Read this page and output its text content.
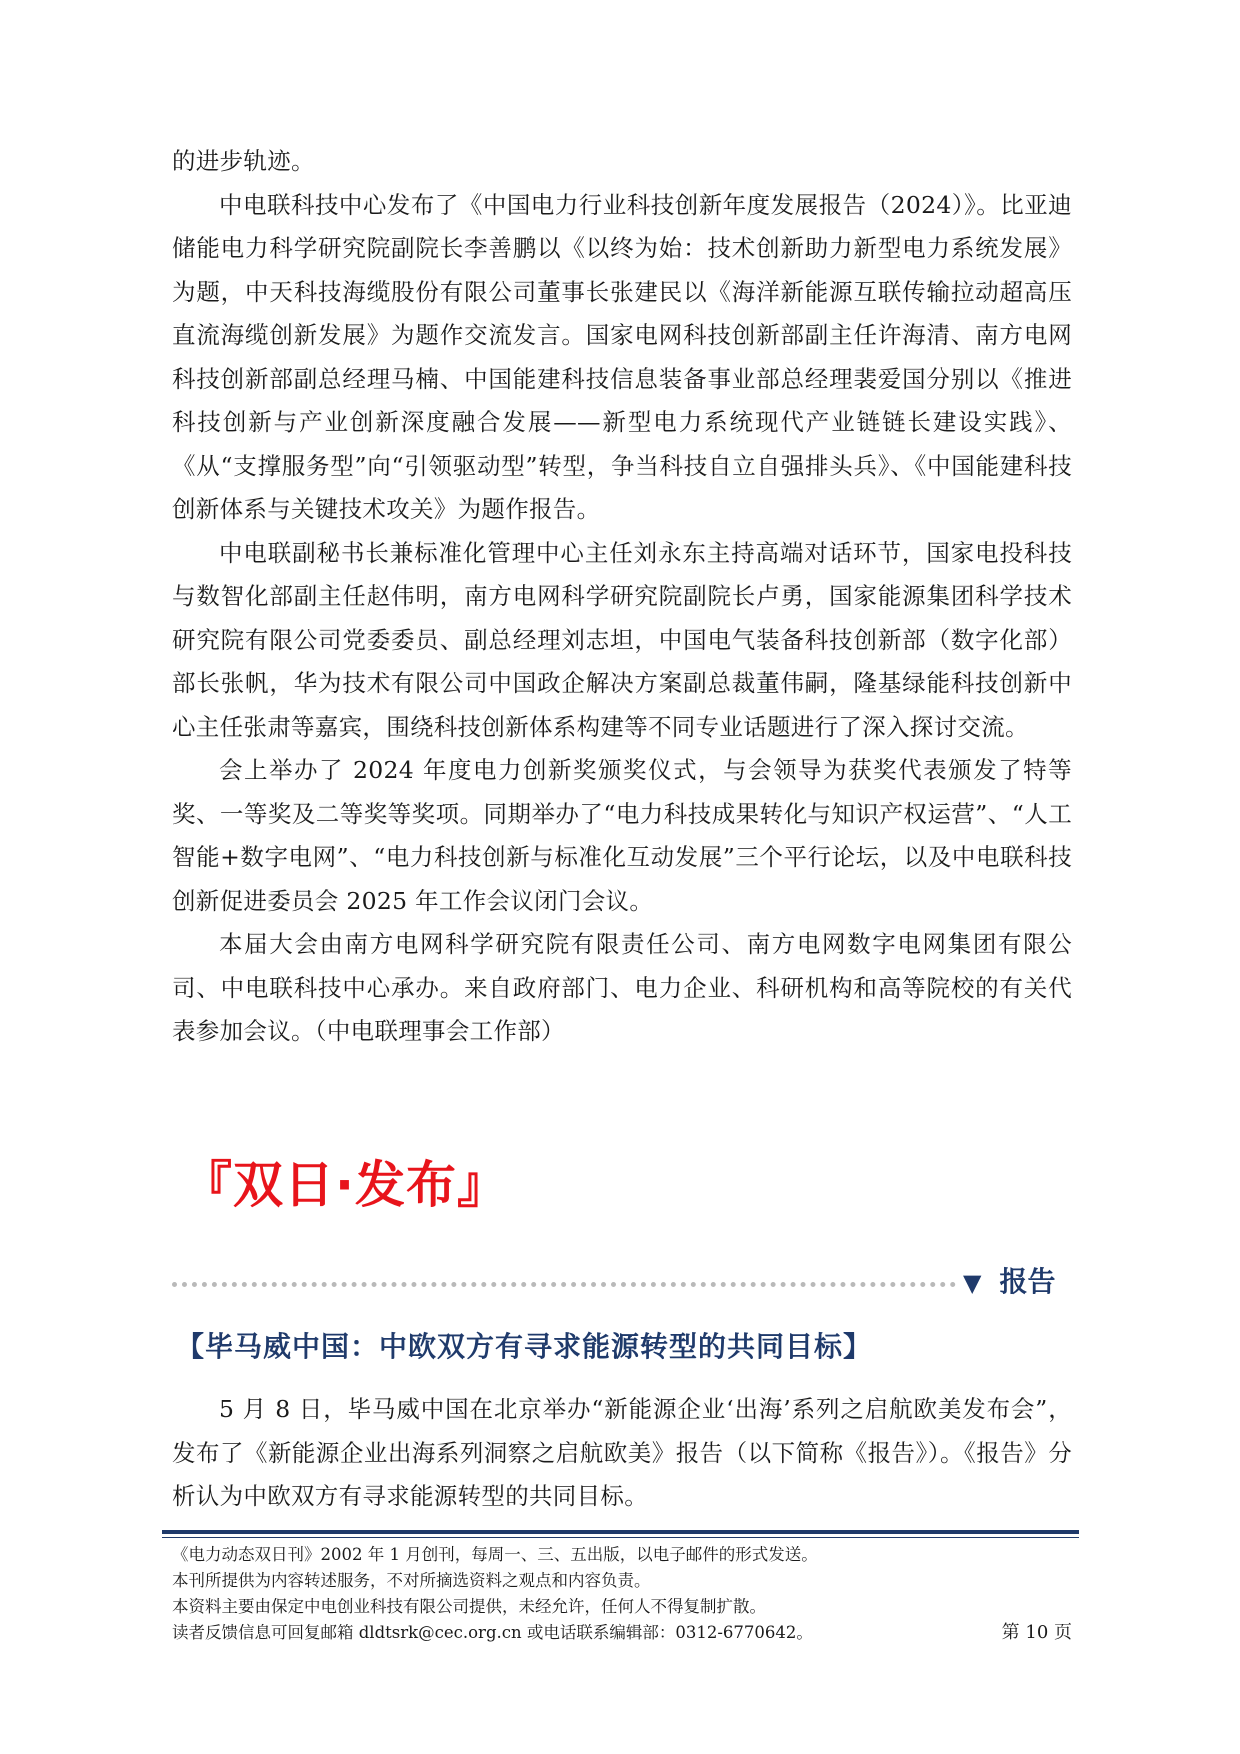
的进步轨迹。

中电联科技中心发布了《中国电力行业科技创新年度发展报告（2024）》。比亚迪储能电力科学研究院副院长李善鹏以《以终为始：技术创新助力新型电力系统发展》为题，中天科技海缆股份有限公司董事长张建民以《海洋新能源互联传输拉动超高压直流海缆创新发展》为题作交流发言。国家电网科技创新部副主任许海清、南方电网科技创新部副总经理马楠、中国能建科技信息装备事业部总经理裴爱国分别以《推进科技创新与产业创新深度融合发展——新型电力系统现代产业链链长建设实践》、《从“支撑服务型”向“引领驱动型”转型，争当科技自立自强排头兵》、《中国能建科技创新体系与关键技术攻关》为题作报告。

中电联副秘书长兼标准化管理中心主任刘永东主持高端对话环节，国家电投科技与数智化部副主任赵伟明，南方电网科学研究院副院长卢勇，国家能源集团科学技术研究院有限公司党委委员、副总经理刘志坦，中国电气装备科技创新部（数字化部）部长张帆，华为技术有限公司中国政企解决方案副总裁董伟嗣，隆基绿能科技创新中心主任张肃等嘉宾，围绕科技创新体系构建等不同专业话题进行了深入探讨交流。

会上举办了 2024 年度电力创新奖颁奖仪式，与会领导为获奖代表颁发了特等奖、一等奖及二等奖等奖项。同期举办了“电力科技成果转化与知识产权运营”、“人工智能+数字电网”、“电力科技创新与标准化互动发展”三个平行论坛，以及中电联科技创新促进委员会 2025 年工作会议闭门会议。

本届大会由南方电网科学研究院有限责任公司、南方电网数字电网集团有限公司、中电联科技中心承办。来自政府部门、电力企业、科研机构和高等院校的有关代表参加会议。（中电联理事会工作部）

『双日·发布』
▼ 报告
【毕马威中国：中欧双方有寻求能源转型的共同目标】

5 月 8 日，毕马威中国在北京举办“新能源企业‘出海’系列之启航欧美发布会”，发布了《新能源企业出海系列洞察之启航欧美》报告（以下简称《报告》）。《报告》分析认为中欧双方有寻求能源转型的共同目标。

《电力动态双日刊》2002 年 1 月创刊，每周一、三、五出版，以电子邮件的形式发送。
本刊所提供为内容转述服务，不对所摘选资料之观点和内容负责。
本资料主要由保定中电创业科技有限公司提供，未经允许，任何人不得复制扩散。
读者反馈信息可回复邮箱 dldtsrk@cec.org.cn 或电话联系编辑部：0312-6770642。	第 10 页
